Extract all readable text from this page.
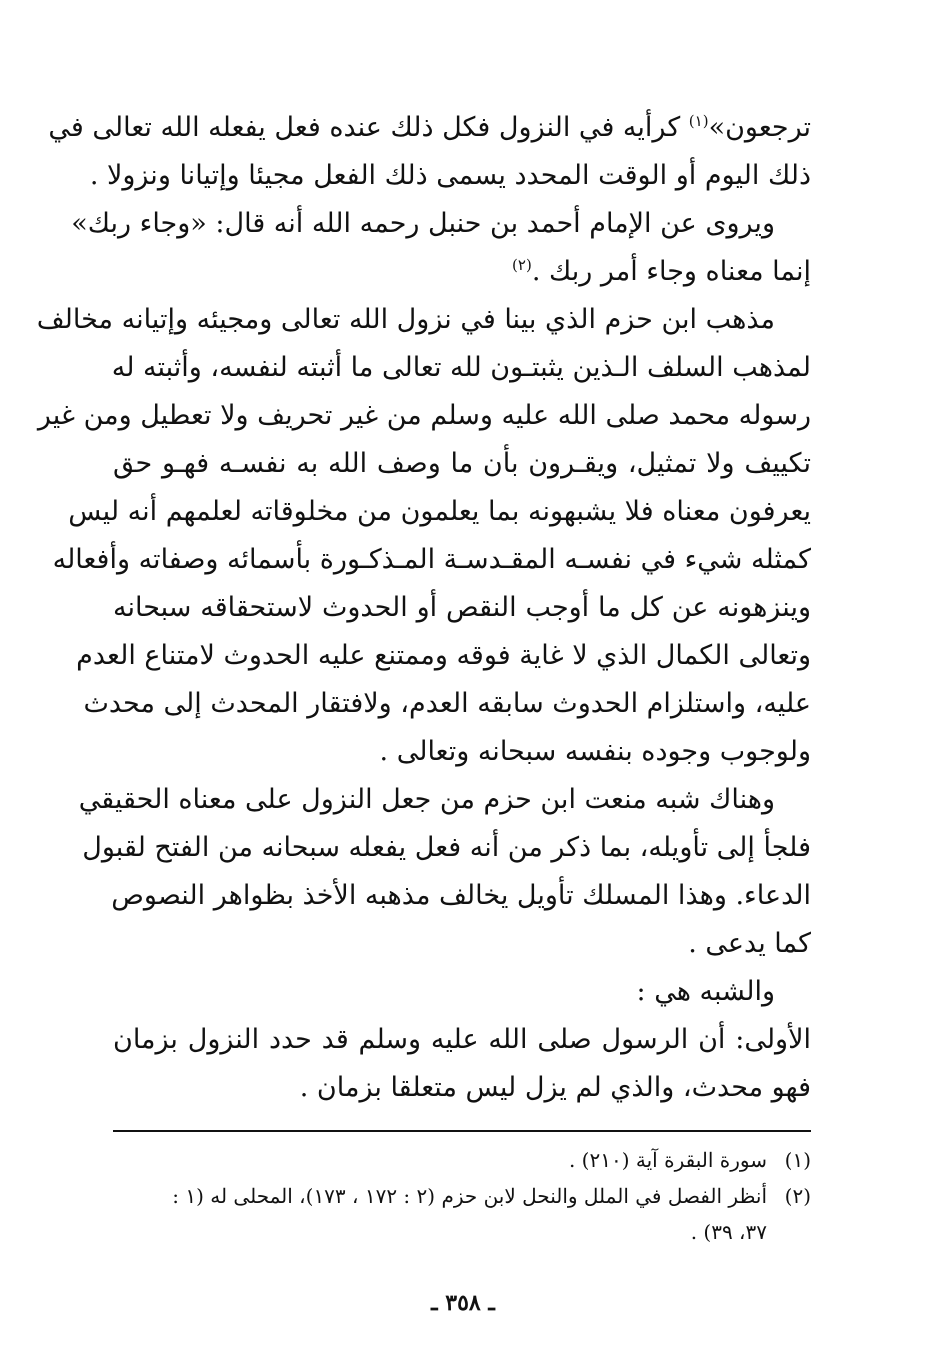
ترجعون»$^{(١)}$ كرأيه في النزول فكل ذلك عنده فعل يفعله الله تعالى في
ذلك اليوم أو الوقت المحدد يسمى ذلك الفعل مجيئا وإتيانا ونزولا .
ويروى عن الإمام أحمد بن حنبل رحمه الله أنه قال: «وجاء ربك»
إنما معناه وجاء أمر ربك .$^{(٢)}$
مذهب ابن حزم الذي بينا في نزول الله تعالى ومجيئه وإتيانه مخالف
لمذهب السلف الـذين يثبتـون لله تعالى ما أثبته لنفسه، وأثبته له
رسوله محمد صلى الله عليه وسلم من غير تحريف ولا تعطيل ومن غير
تكييف ولا تمثيل، ويقـرون بأن ما وصف الله به نفسـه فهـو حق
يعرفون معناه فلا يشبهونه بما يعلمون من مخلوقاته لعلمهم أنه ليس
كمثله شيء في نفسـه المقـدسـة المـذكـورة بأسمائه وصفاته وأفعاله
وينزهونه عن كل ما أوجب النقص أو الحدوث لاستحقاقه سبحانه
وتعالى الكمال الذي لا غاية فوقه وممتنع عليه الحدوث لامتناع العدم
عليه، واستلزام الحدوث سابقه العدم، ولافتقار المحدث إلى محدث
ولوجوب وجوده بنفسه سبحانه وتعالى .
وهناك شبه منعت ابن حزم من جعل النزول على معناه الحقيقي
فلجأ إلى تأويله، بما ذكر من أنه فعل يفعله سبحانه من الفتح لقبول
الدعاء. وهذا المسلك تأويل يخالف مذهبه الأخذ بظواهر النصوص
كما يدعى .
والشبه هي :
الأولى: أن الرسول صلى الله عليه وسلم قد حدد النزول بزمان
فهو محدث، والذي لم يزل ليس متعلقا بزمان .
(١)سورة البقرة آية (٢١٠) .
(٢)أنظر الفصل في الملل والنحل لابن حزم (٢ : ١٧٢ ، ١٧٣)، المحلى له (١ :
٣٧، ٣٩) .
ـ ٣٥٨ ـ
